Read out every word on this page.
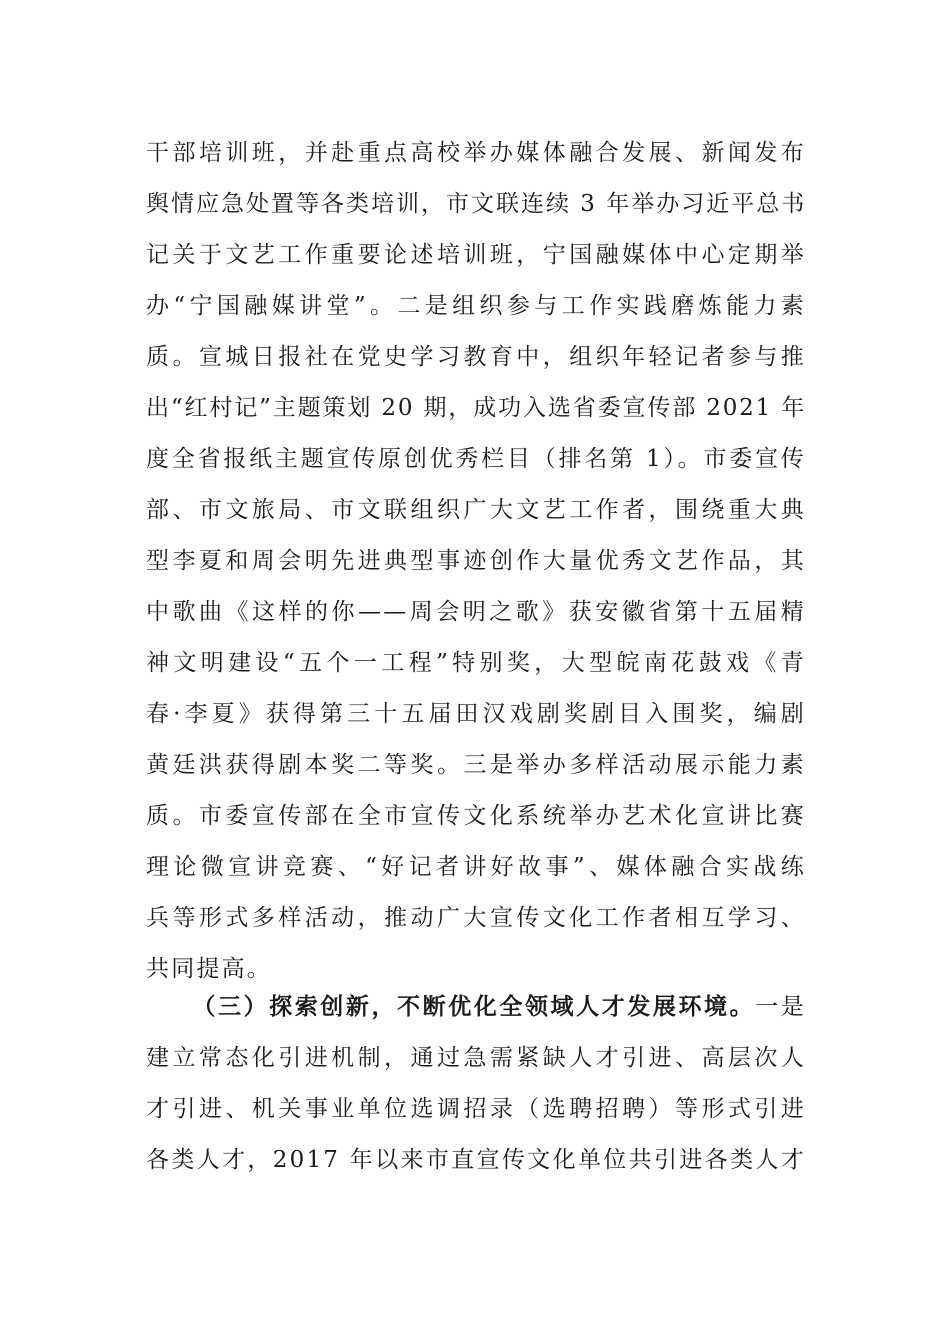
干部培训班，并赴重点高校举办媒体融合发展、新闻发布
舆情应急处置等各类培训，市文联连续 3 年举办习近平总书
记关于文艺工作重要论述培训班，宁国融媒体中心定期举
办“宁国融媒讲堂”。二是组织参与工作实践磨炼能力素
质。宣城日报社在党史学习教育中，组织年轻记者参与推
出“红村记”主题策划 20 期，成功入选省委宣传部 2021 年
度全省报纸主题宣传原创优秀栏目（排名第 1）。市委宣传
部、市文旅局、市文联组织广大文艺工作者，围绕重大典
型李夏和周会明先进典型事迹创作大量优秀文艺作品，其
中歌曲《这样的你——周会明之歌》获安徽省第十五届精
神文明建设“五个一工程”特别奖，大型皖南花鼓戏《青
春·李夏》获得第三十五届田汉戏剧奖剧目入围奖，编剧
黄廷洪获得剧本奖二等奖。三是举办多样活动展示能力素
质。市委宣传部在全市宣传文化系统举办艺术化宣讲比赛
理论微宣讲竞赛、“好记者讲好故事”、媒体融合实战练
兵等形式多样活动，推动广大宣传文化工作者相互学习、
共同提高。
（三）探索创新，不断优化全领域人才发展环境。一是
建立常态化引进机制，通过急需紧缺人才引进、高层次人
才引进、机关事业单位选调招录（选聘招聘）等形式引进
各类人才，2017 年以来市直宣传文化单位共引进各类人才
